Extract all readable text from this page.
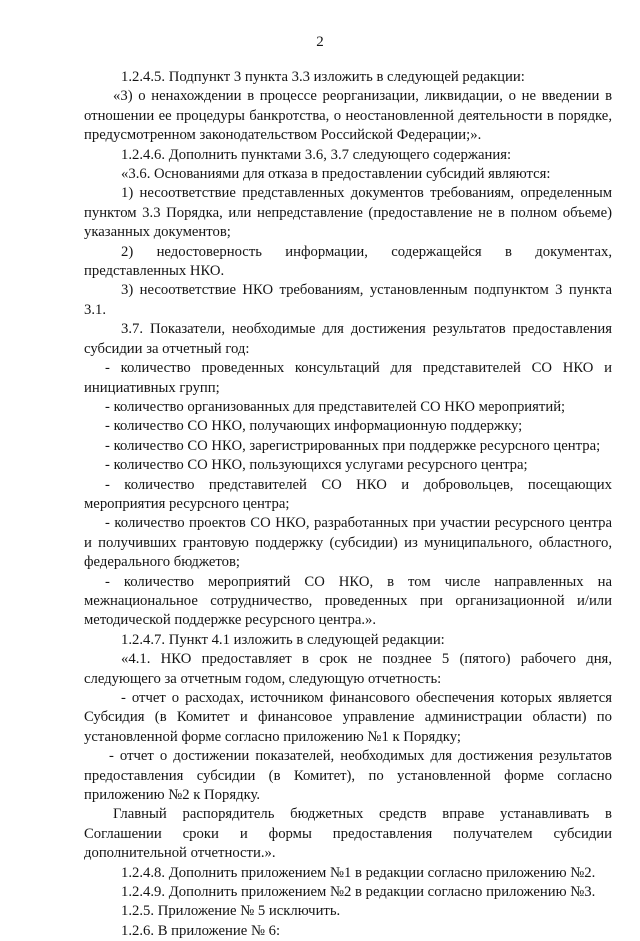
2

1.2.4.5. Подпункт 3 пункта 3.3 изложить в следующей редакции:

«3) о ненахождении в процессе реорганизации, ликвидации, о не введении в отношении ее процедуры банкротства, о неостановленной деятельности в порядке, предусмотренном законодательством Российской Федерации;».

1.2.4.6. Дополнить пунктами 3.6, 3.7 следующего содержания:

«3.6. Основаниями для отказа в предоставлении субсидий являются:

1) несоответствие представленных документов требованиям, определенным пунктом 3.3 Порядка, или непредставление (предоставление не в полном объеме) указанных документов;

2) недостоверность информации, содержащейся в документах, представленных НКО.

3) несоответствие НКО требованиям, установленным подпунктом 3 пункта 3.1.

3.7. Показатели, необходимые для достижения результатов предоставления субсидии за отчетный год:

- количество проведенных консультаций для представителей СО НКО и инициативных групп;

- количество организованных для представителей СО НКО мероприятий;

- количество СО НКО, получающих информационную поддержку;

- количество СО НКО, зарегистрированных при поддержке ресурсного центра;

- количество СО НКО, пользующихся услугами ресурсного центра;

- количество представителей СО НКО и добровольцев, посещающих мероприятия ресурсного центра;

- количество проектов СО НКО, разработанных при участии ресурсного центра и получивших грантовую поддержку (субсидии) из муниципального, областного, федерального бюджетов;

- количество мероприятий СО НКО, в том числе направленных на межнациональное сотрудничество, проведенных при организационной и/или методической поддержке ресурсного центра.».

1.2.4.7. Пункт 4.1 изложить в следующей редакции:

«4.1. НКО предоставляет в срок не позднее 5 (пятого) рабочего дня, следующего за отчетным годом, следующую отчетность:

- отчет о расходах, источником финансового обеспечения которых является Субсидия (в Комитет и финансовое управление администрации области) по установленной форме согласно приложению №1 к Порядку;

- отчет о достижении показателей, необходимых для достижения результатов предоставления субсидии (в Комитет), по установленной форме согласно приложению №2 к Порядку.

Главный распорядитель бюджетных средств вправе устанавливать в Соглашении сроки и формы предоставления получателем субсидии дополнительной отчетности.».

1.2.4.8. Дополнить приложением №1 в редакции согласно приложению №2.

1.2.4.9. Дополнить приложением №2 в редакции согласно приложению №3.

1.2.5. Приложение № 5 исключить.

1.2.6. В приложение № 6:
